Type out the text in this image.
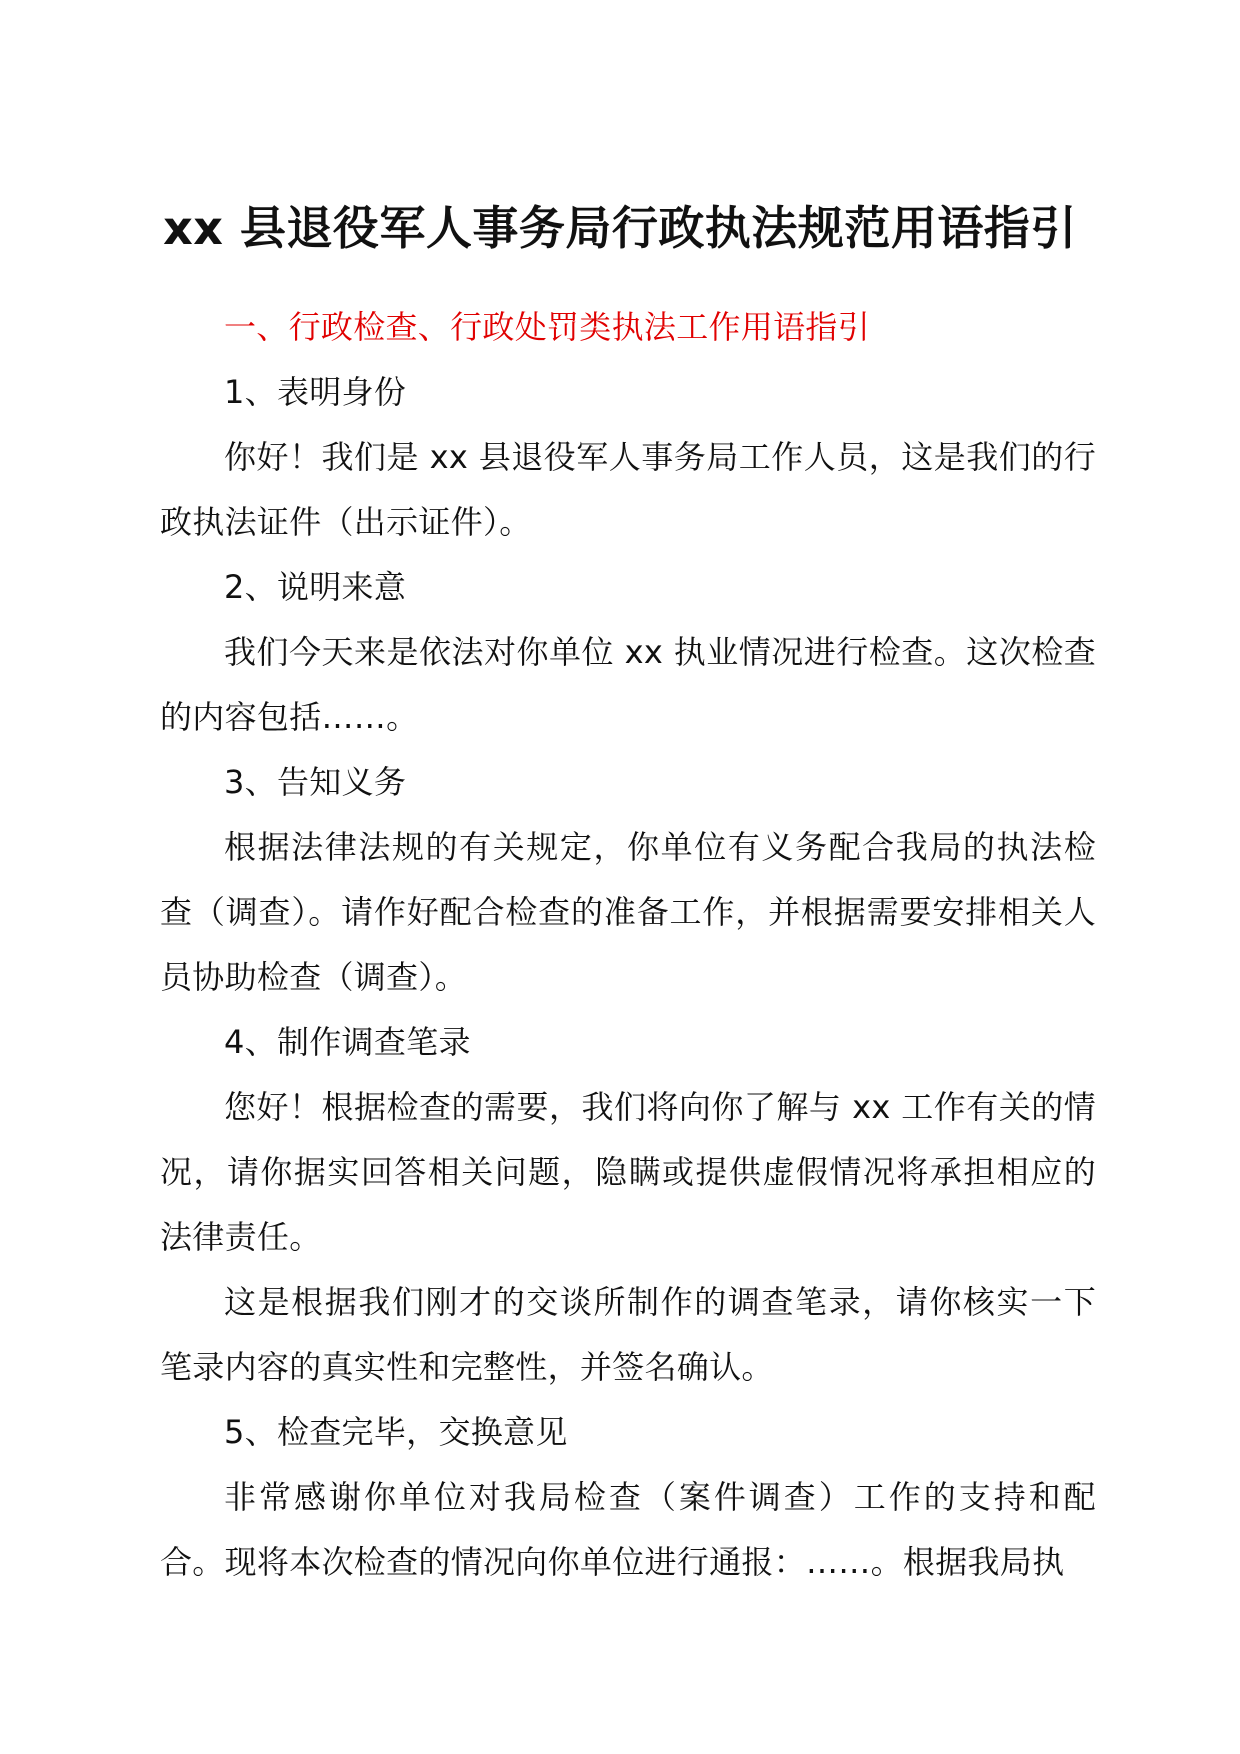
xx 县退役军人事务局行政执法规范用语指引

一、行政检查、行政处罚类执法工作用语指引

1、表明身份

你好！我们是 xx 县退役军人事务局工作人员，这是我们的行政执法证件（出示证件）。

2、说明来意

我们今天来是依法对你单位 xx 执业情况进行检查。这次检查的内容包括……。

3、告知义务

根据法律法规的有关规定，你单位有义务配合我局的执法检查（调查）。请作好配合检查的准备工作，并根据需要安排相关人员协助检查（调查）。

4、制作调查笔录

您好！根据检查的需要，我们将向你了解与 xx 工作有关的情况，请你据实回答相关问题，隐瞒或提供虚假情况将承担相应的法律责任。

这是根据我们刚才的交谈所制作的调查笔录，请你核实一下笔录内容的真实性和完整性，并签名确认。

5、检查完毕，交换意见

非常感谢你单位对我局检查（案件调查）工作的支持和配合。现将本次检查的情况向你单位进行通报：……。根据我局执
